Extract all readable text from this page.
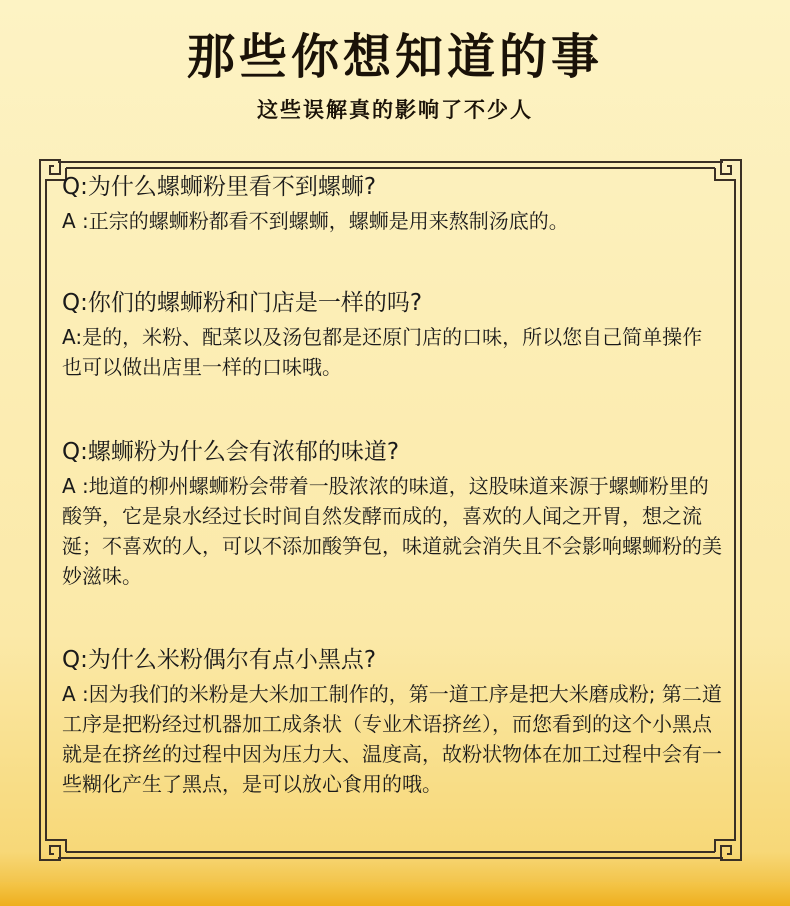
那些你想知道的事
这些误解真的影响了不少人

Q:为什么螺蛳粉里看不到螺蛳?

A :正宗的螺蛳粉都看不到螺蛳，螺蛳是用来熬制汤底的。

Q:你们的螺蛳粉和门店是一样的吗?

A:是的，米粉、配菜以及汤包都是还原门店的口味，所以您自己简单操作也可以做出店里一样的口味哦。

Q:螺蛳粉为什么会有浓郁的味道?

A :地道的柳州螺蛳粉会带着一股浓浓的味道，这股味道来源于螺蛳粉里的酸笋，它是泉水经过长时间自然发酵而成的，喜欢的人闻之开胃，想之流涎；不喜欢的人，可以不添加酸笋包，味道就会消失且不会影响螺蛳粉的美妙滋味。

Q:为什么米粉偶尔有点小黑点?

A :因为我们的米粉是大米加工制作的，第一道工序是把大米磨成粉; 第二道工序是把粉经过机器加工成条状（专业术语挤丝），而您看到的这个小黑点就是在挤丝的过程中因为压力大、温度高，故粉状物体在加工过程中会有一些糊化产生了黑点，是可以放心食用的哦。
